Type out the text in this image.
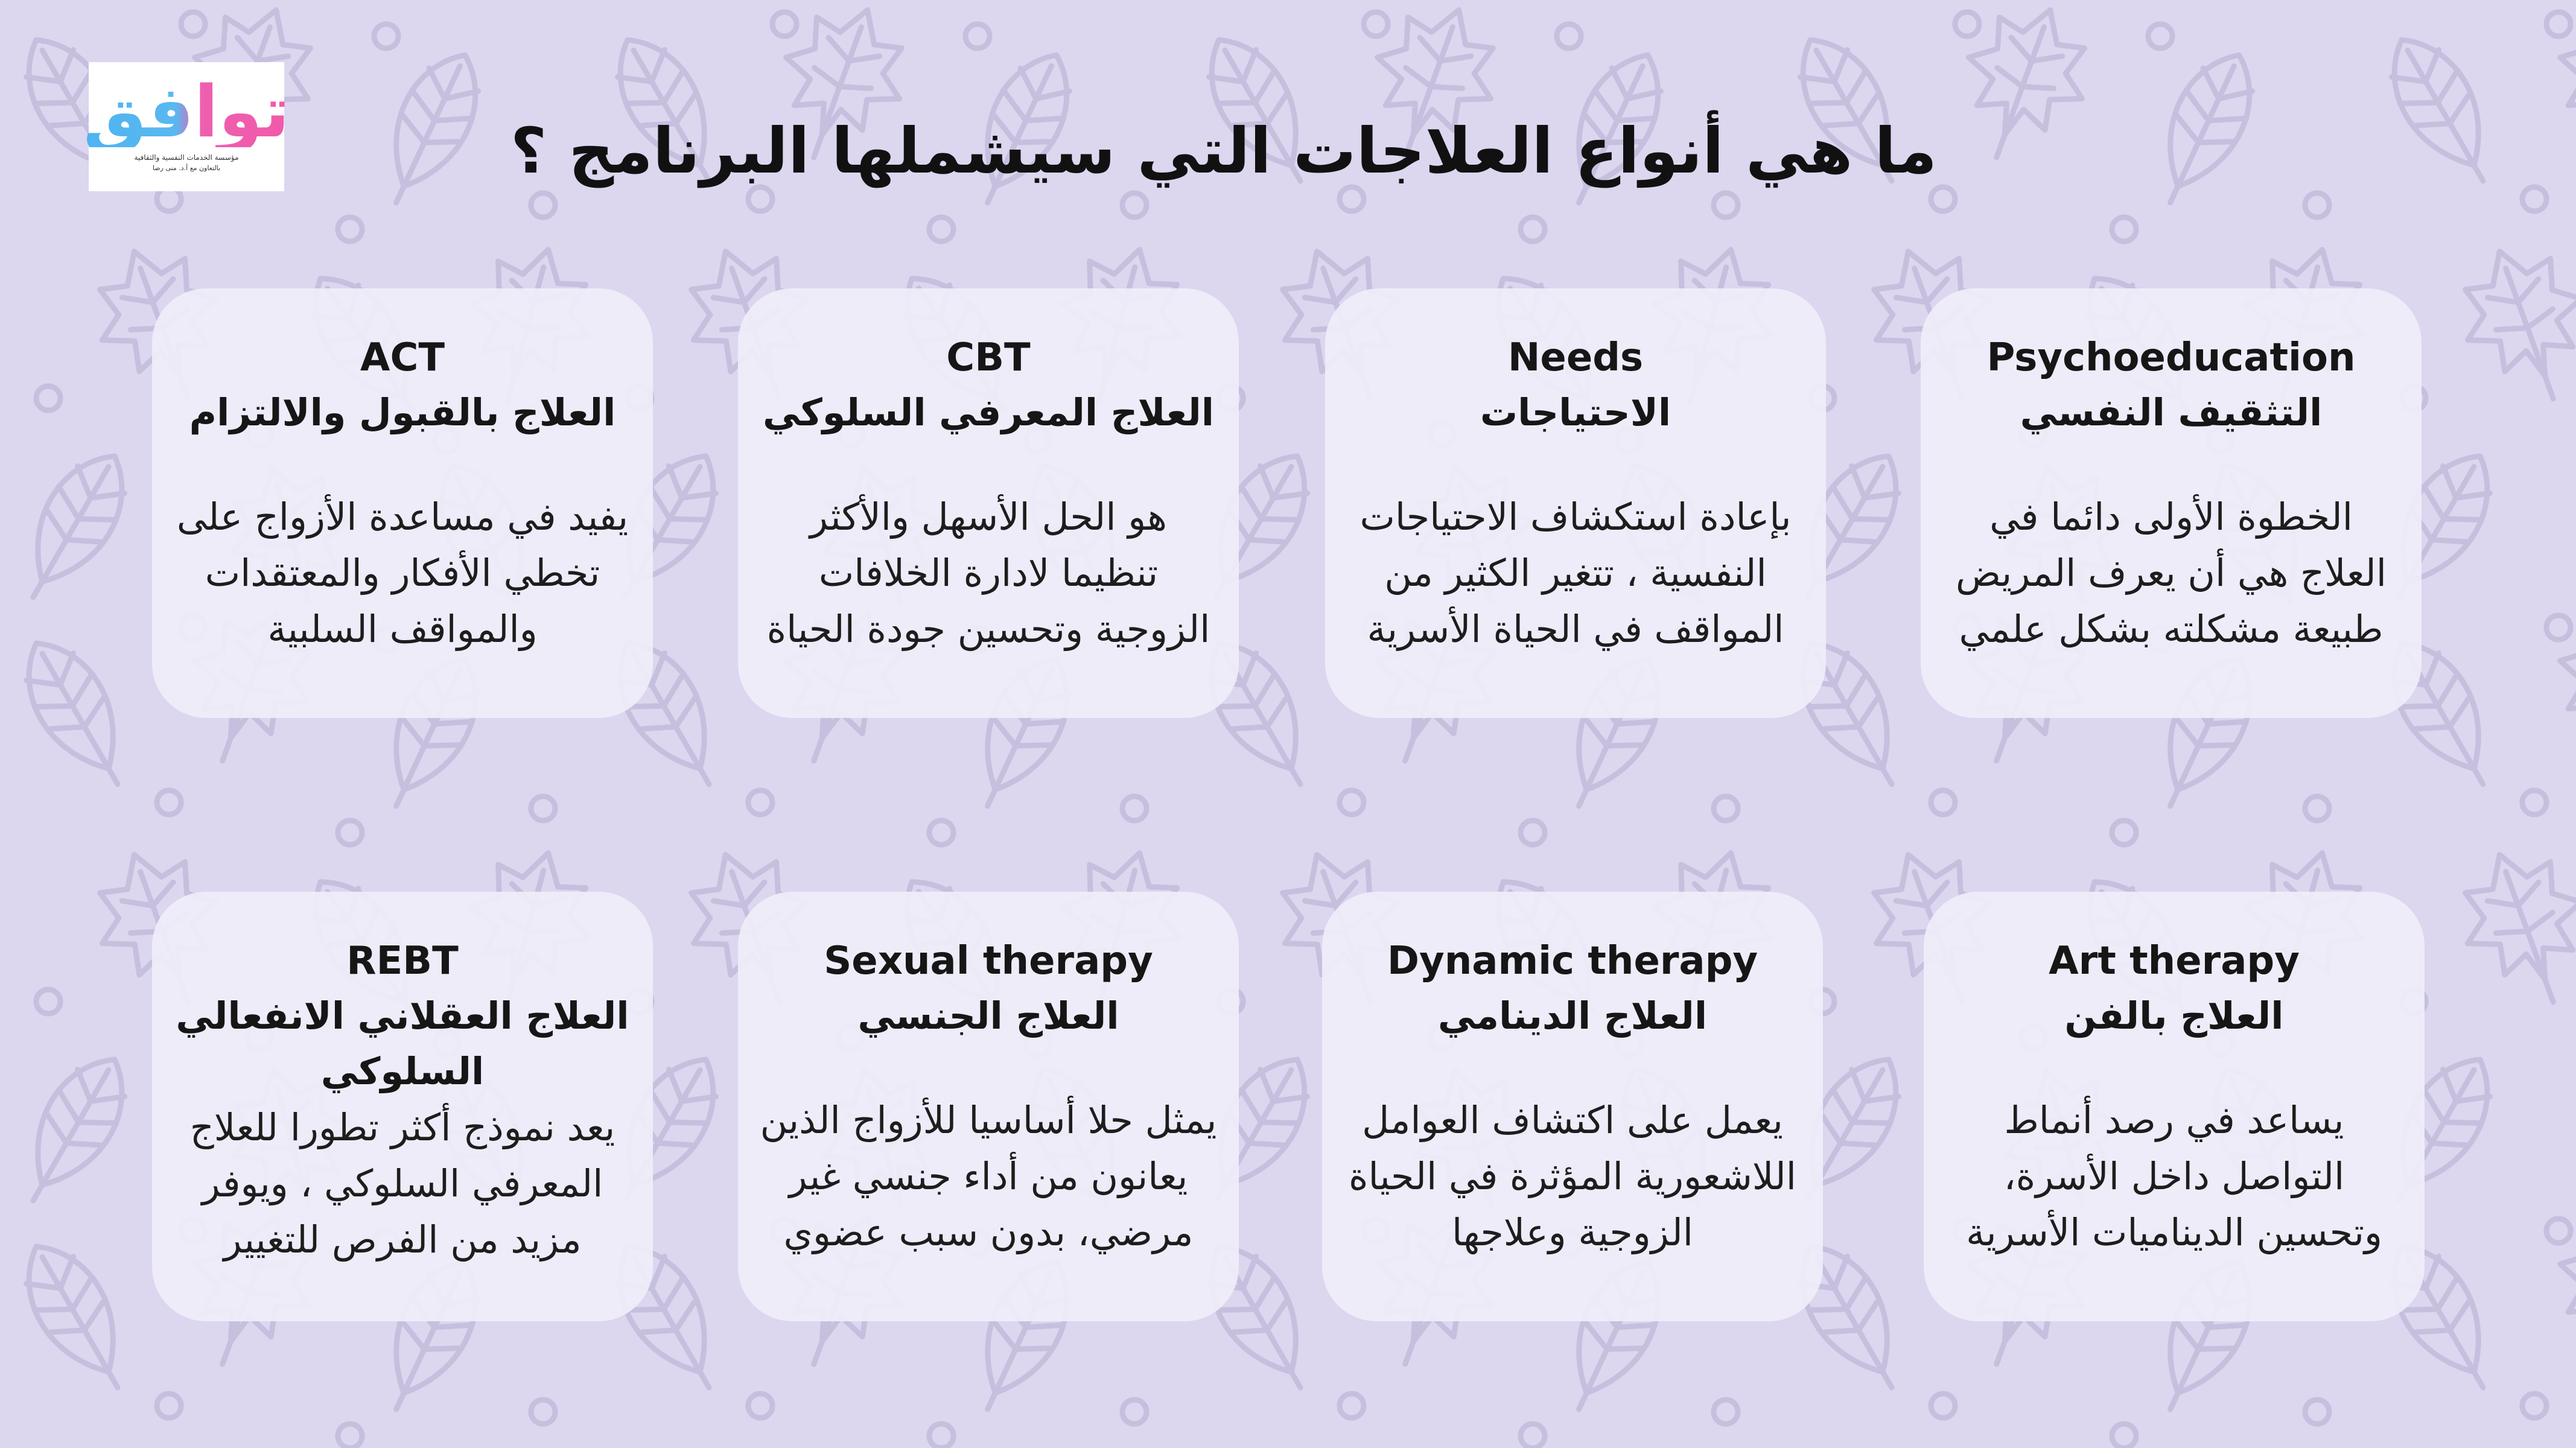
توافق
مؤسسة الخدمات النفسية والثقافية
بالتعاون مع أ.د. منى رضا	ما هي أنواع العلاجات التي سيشملها البرنامج ؟
Psychoeducation
التثقيف النفسي
الخطوة الأولى دائما في العلاج هي أن يعرف المريض طبيعة مشكلته بشكل علمي
Needs
الاحتياجات
بإعادة استكشاف الاحتياجات النفسية ، تتغير الكثير من المواقف في الحياة الأسرية
CBT
العلاج المعرفي السلوكي
هو الحل الأسهل والأكثر تنظيما لادارة الخلافات الزوجية وتحسين جودة الحياة
ACT
العلاج بالقبول والالتزام
يفيد في مساعدة الأزواج على تخطي الأفكار والمعتقدات والمواقف السلبية
Art therapy
العلاج بالفن
يساعد في رصد أنماط التواصل داخل الأسرة، وتحسين الديناميات الأسرية
Dynamic therapy
العلاج الدينامي
يعمل على اكتشاف العوامل اللاشعورية المؤثرة في الحياة الزوجية وعلاجها
Sexual therapy
العلاج الجنسي
يمثل حلا أساسيا للأزواج الذين يعانون من أداء جنسي غير مرضي، بدون سبب عضوي
REBT
العلاج العقلاني الانفعالي السلوكي
يعد نموذج أكثر تطورا للعلاج المعرفي السلوكي ، ويوفر مزيد من الفرص للتغيير
